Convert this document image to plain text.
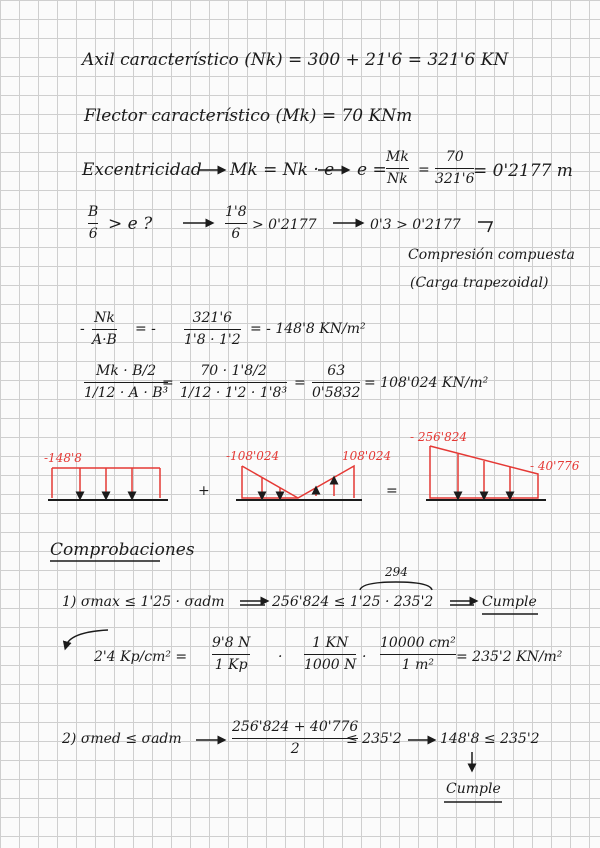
Axil característico (Nk) = 300 + 21'6 = 321'6 KN
Flector característico (Mk) = 70 KNm
Excentricidad Mk = Nk · e e =
Mk
Nk
=
70
321'6
= 0'2177 m
B
6
> e ?
1'8
6
> 0'2177	0'3 > 0'2177
Compresión compuesta
(Carga trapezoidal)
-
Nk
A·B
= -
321'6
1'8 · 1'2
= - 148'8 KN/m²
Mk · B/2
1/12 · A · B³
=
70 · 1'8/2
1/12 · 1'2 · 1'8³
=
63
0'5832
= 108'024 KN/m²
-148'8	-108'024	108'024
- 256'824
- 40'776
+	=
Comprobaciones
294
1) σmax ≤ 1'25 · σadm	256'824 ≤ 1'25 · 235'2	Cumple
2'4 Kp/cm² =
9'8 N
1 Kp
·
1 KN
1000 N
·
10000 cm²
1 m²
= 235'2 KN/m²
2) σmed ≤ σadm
256'824 + 40'776
2
≤ 235'2	148'8 ≤ 235'2
Cumple
